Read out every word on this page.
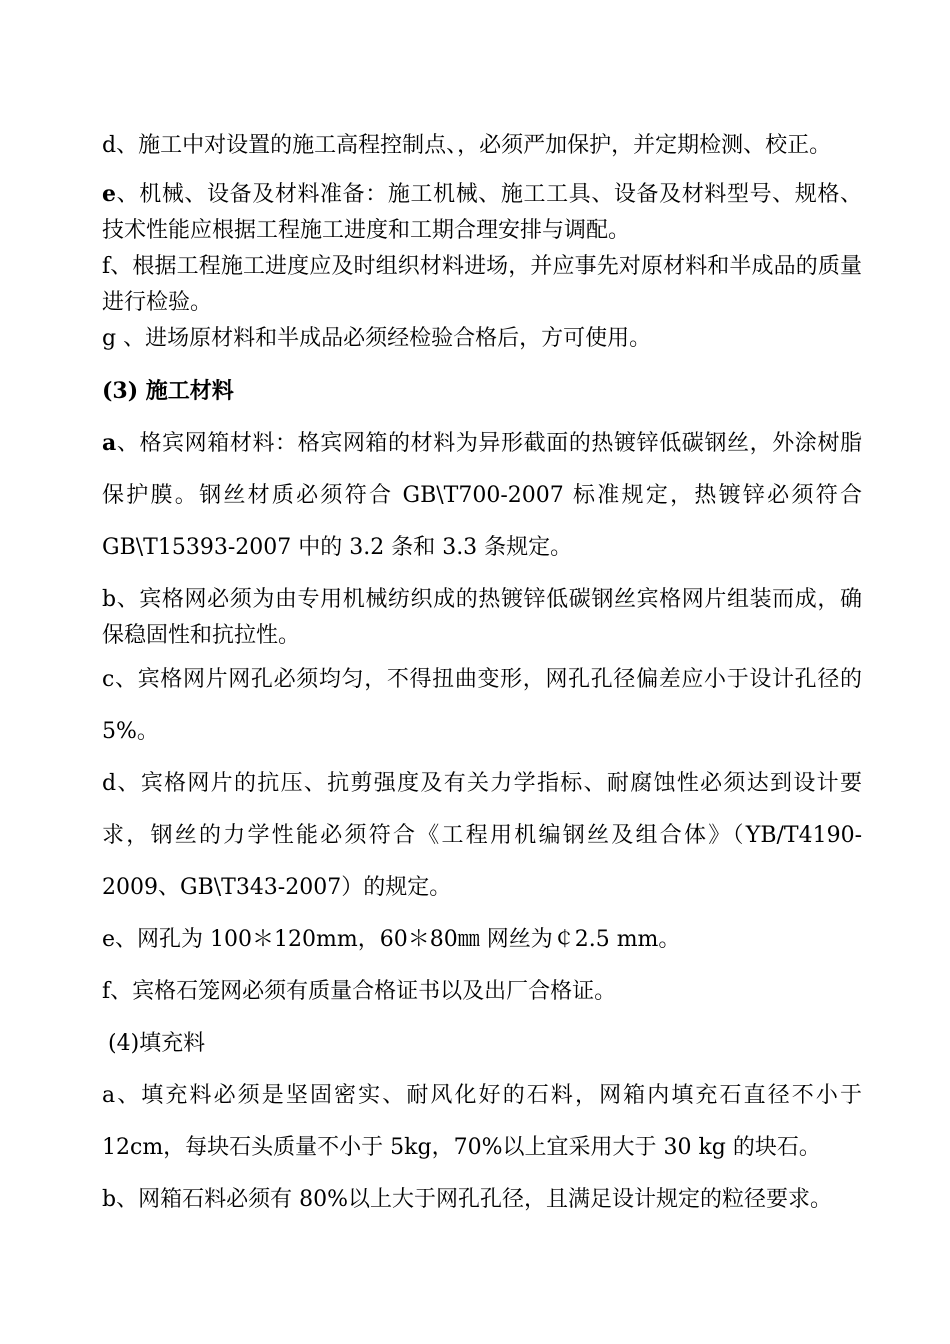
d、施工中对设置的施工高程控制点、，必须严加保护，并定期检测、校正。

e、机械、设备及材料准备：施工机械、施工工具、设备及材料型号、规格、技术性能应根据工程施工进度和工期合理安排与调配。

f、根据工程施工进度应及时组织材料进场，并应事先对原材料和半成品的质量进行检验。

g 、进场原材料和半成品必须经检验合格后，方可使用。

(3) 施工材料

a、格宾网箱材料：格宾网箱的材料为异形截面的热镀锌低碳钢丝，外涂树脂保护膜。钢丝材质必须符合 GB\T700-2007 标准规定，热镀锌必须符合 GB\T15393-2007 中的 3.2 条和 3.3 条规定。

b、宾格网必须为由专用机械纺织成的热镀锌低碳钢丝宾格网片组装而成，确保稳固性和抗拉性。

c、宾格网片网孔必须均匀，不得扭曲变形，网孔孔径偏差应小于设计孔径的 5%。

d、宾格网片的抗压、抗剪强度及有关力学指标、耐腐蚀性必须达到设计要求，钢丝的力学性能必须符合《工程用机编钢丝及组合体》（YB/T4190-2009、GB\T343-2007）的规定。

e、网孔为 100＊120mm，60＊80㎜ 网丝为￠2.5 mm。

f、宾格石笼网必须有质量合格证书以及出厂合格证。

(4)填充料

a、填充料必须是坚固密实、耐风化好的石料，网箱内填充石直径不小于 12cm，每块石头质量不小于 5kg，70%以上宜采用大于 30 kg 的块石。

b、网箱石料必须有 80%以上大于网孔孔径，且满足设计规定的粒径要求。
